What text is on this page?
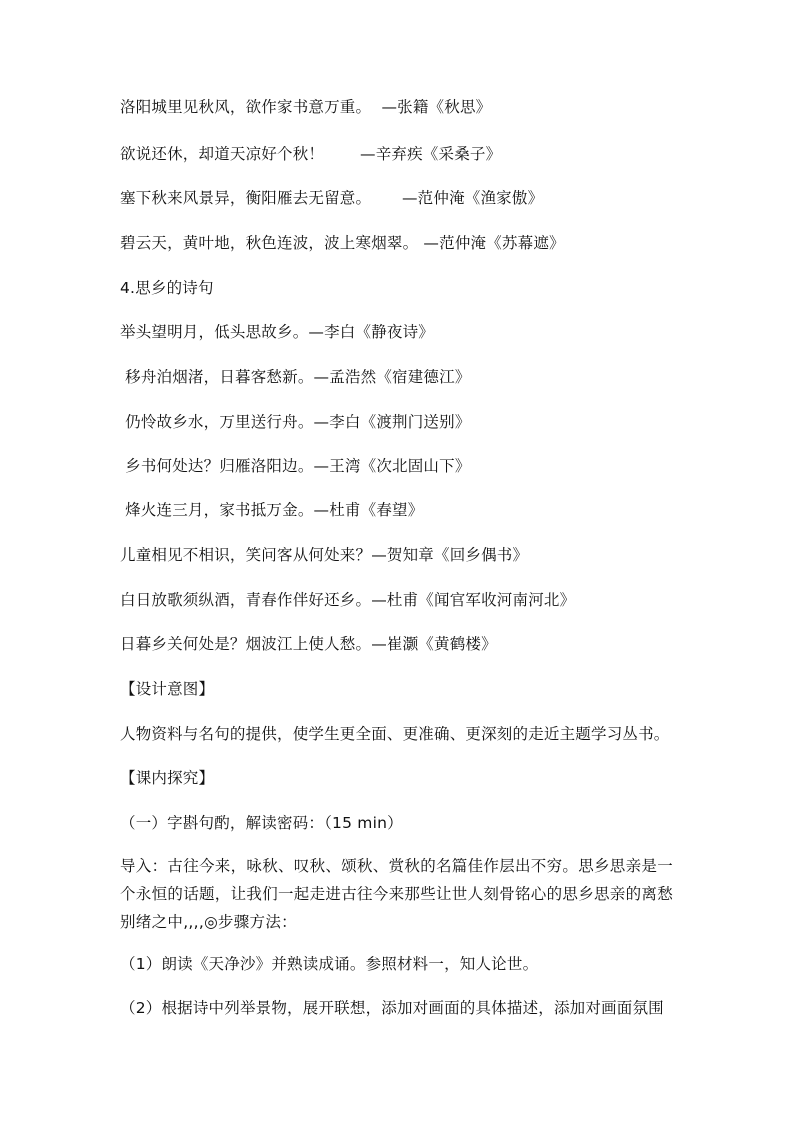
洛阳城里见秋风，欲作家书意万重。  —张籍《秋思》
欲说还休，却道天凉好个秋！       —辛弃疾《采桑子》
塞下秋来风景异，衡阳雁去无留意。      —范仲淹《渔家傲》
碧云天，黄叶地，秋色连波，波上寒烟翠。 —范仲淹《苏幕遮》
4.思乡的诗句
举头望明月，低头思故乡。—李白《静夜诗》
移舟泊烟渚，日暮客愁新。—孟浩然《宿建德江》
仍怜故乡水，万里送行舟。—李白《渡荆门送别》
乡书何处达？归雁洛阳边。—王湾《次北固山下》
烽火连三月，家书抵万金。—杜甫《春望》
儿童相见不相识，笑问客从何处来？—贺知章《回乡偶书》
白日放歌须纵酒，青春作伴好还乡。—杜甫《闻官军收河南河北》
日暮乡关何处是？烟波江上使人愁。—崔灏《黄鹤楼》
【设计意图】
人物资料与名句的提供，使学生更全面、更准确、更深刻的走近主题学习丛书。
【课内探究】
（一）字斟句酌，解读密码：（15 min）
导入：古往今来，咏秋、叹秋、颂秋、赏秋的名篇佳作层出不穷。思乡思亲是一个永恒的话题，让我们一起走进古往今来那些让世人刻骨铭心的思乡思亲的离愁别绪之中,,,,◎步骤方法：
（1）朗读《天净沙》并熟读成诵。参照材料一，知人论世。
（2）根据诗中列举景物，展开联想，添加对画面的具体描述，添加对画面氛围
